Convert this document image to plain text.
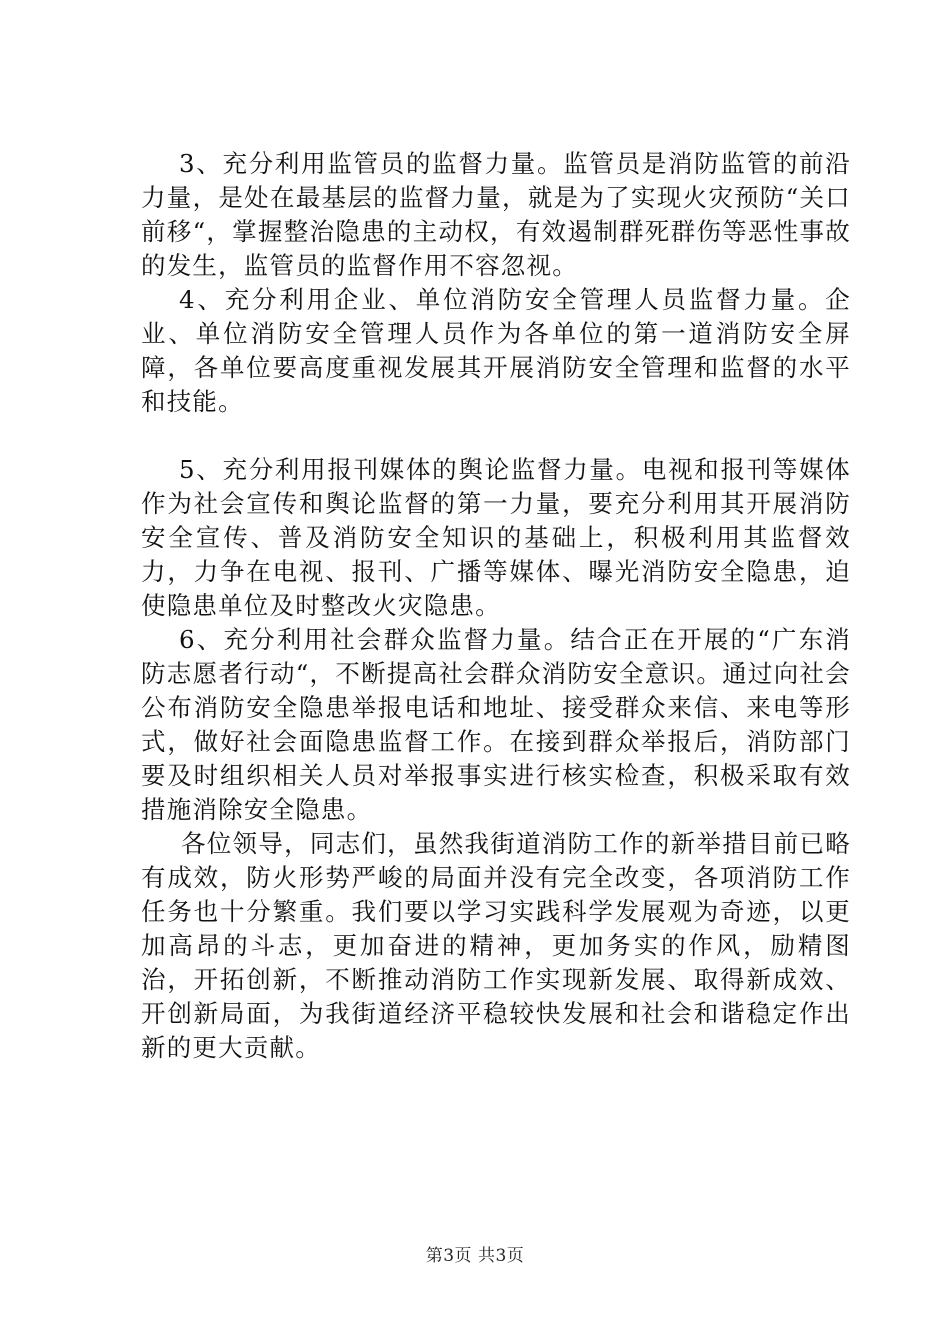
3、充分利用监管员的监督力量。监管员是消防监管的前沿力量，是处在最基层的监督力量，就是为了实现火灾预防“关口前移“，掌握整治隐患的主动权，有效遏制群死群伤等恶性事故的发生，监管员的监督作用不容忽视。

4、充分利用企业、单位消防安全管理人员监督力量。企业、单位消防安全管理人员作为各单位的第一道消防安全屏障，各单位要高度重视发展其开展消防安全管理和监督的水平和技能。

5、充分利用报刊媒体的舆论监督力量。电视和报刊等媒体作为社会宣传和舆论监督的第一力量，要充分利用其开展消防安全宣传、普及消防安全知识的基础上，积极利用其监督效力，力争在电视、报刊、广播等媒体、曝光消防安全隐患，迫使隐患单位及时整改火灾隐患。

6、充分利用社会群众监督力量。结合正在开展的“广东消防志愿者行动“，不断提高社会群众消防安全意识。通过向社会公布消防安全隐患举报电话和地址、接受群众来信、来电等形式，做好社会面隐患监督工作。在接到群众举报后，消防部门要及时组织相关人员对举报事实进行核实检查，积极采取有效措施消除安全隐患。

各位领导，同志们，虽然我街道消防工作的新举措目前已略有成效，防火形势严峻的局面并没有完全改变，各项消防工作任务也十分繁重。我们要以学习实践科学发展观为奇迹，以更加高昂的斗志，更加奋进的精神，更加务实的作风，励精图治，开拓创新，不断推动消防工作实现新发展、取得新成效、开创新局面，为我街道经济平稳较快发展和社会和谐稳定作出新的更大贡献。

第3页 共3页
